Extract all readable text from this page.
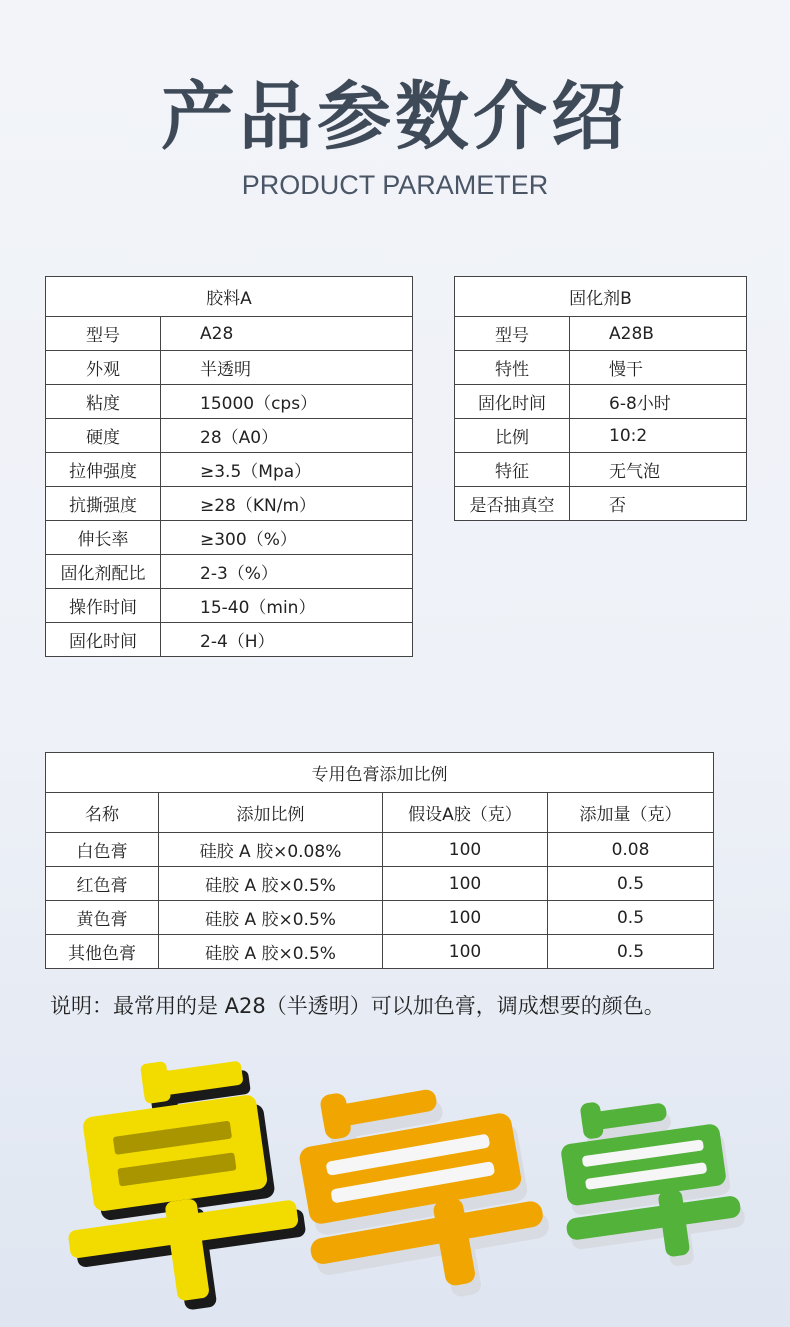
产品参数介绍
PRODUCT PARAMETER
胶料A	
型号	A28
外观	半透明
粘度	15000（cps）
硬度	28（A0）
拉伸强度	≥3.5（Mpa）
抗撕强度	≥28（KN/m）
伸长率	≥300（%）
固化剂配比	2-3（%）
操作时间	15-40（min）
固化时间	2-4（H）
固化剂B	
型号	A28B
特性	慢干
固化时间	6-8小时
比例	10:2
特征	无气泡
是否抽真空	否
专用色膏添加比例			
名称	添加比例	假设A胶（克）	添加量（克）
白色膏	硅胶 A 胶×0.08%	100	0.08
红色膏	硅胶 A 胶×0.5%	100	0.5
黄色膏	硅胶 A 胶×0.5%	100	0.5
其他色膏	硅胶 A 胶×0.5%	100	0.5
说明：最常用的是 A28（半透明）可以加色膏，调成想要的颜色。
